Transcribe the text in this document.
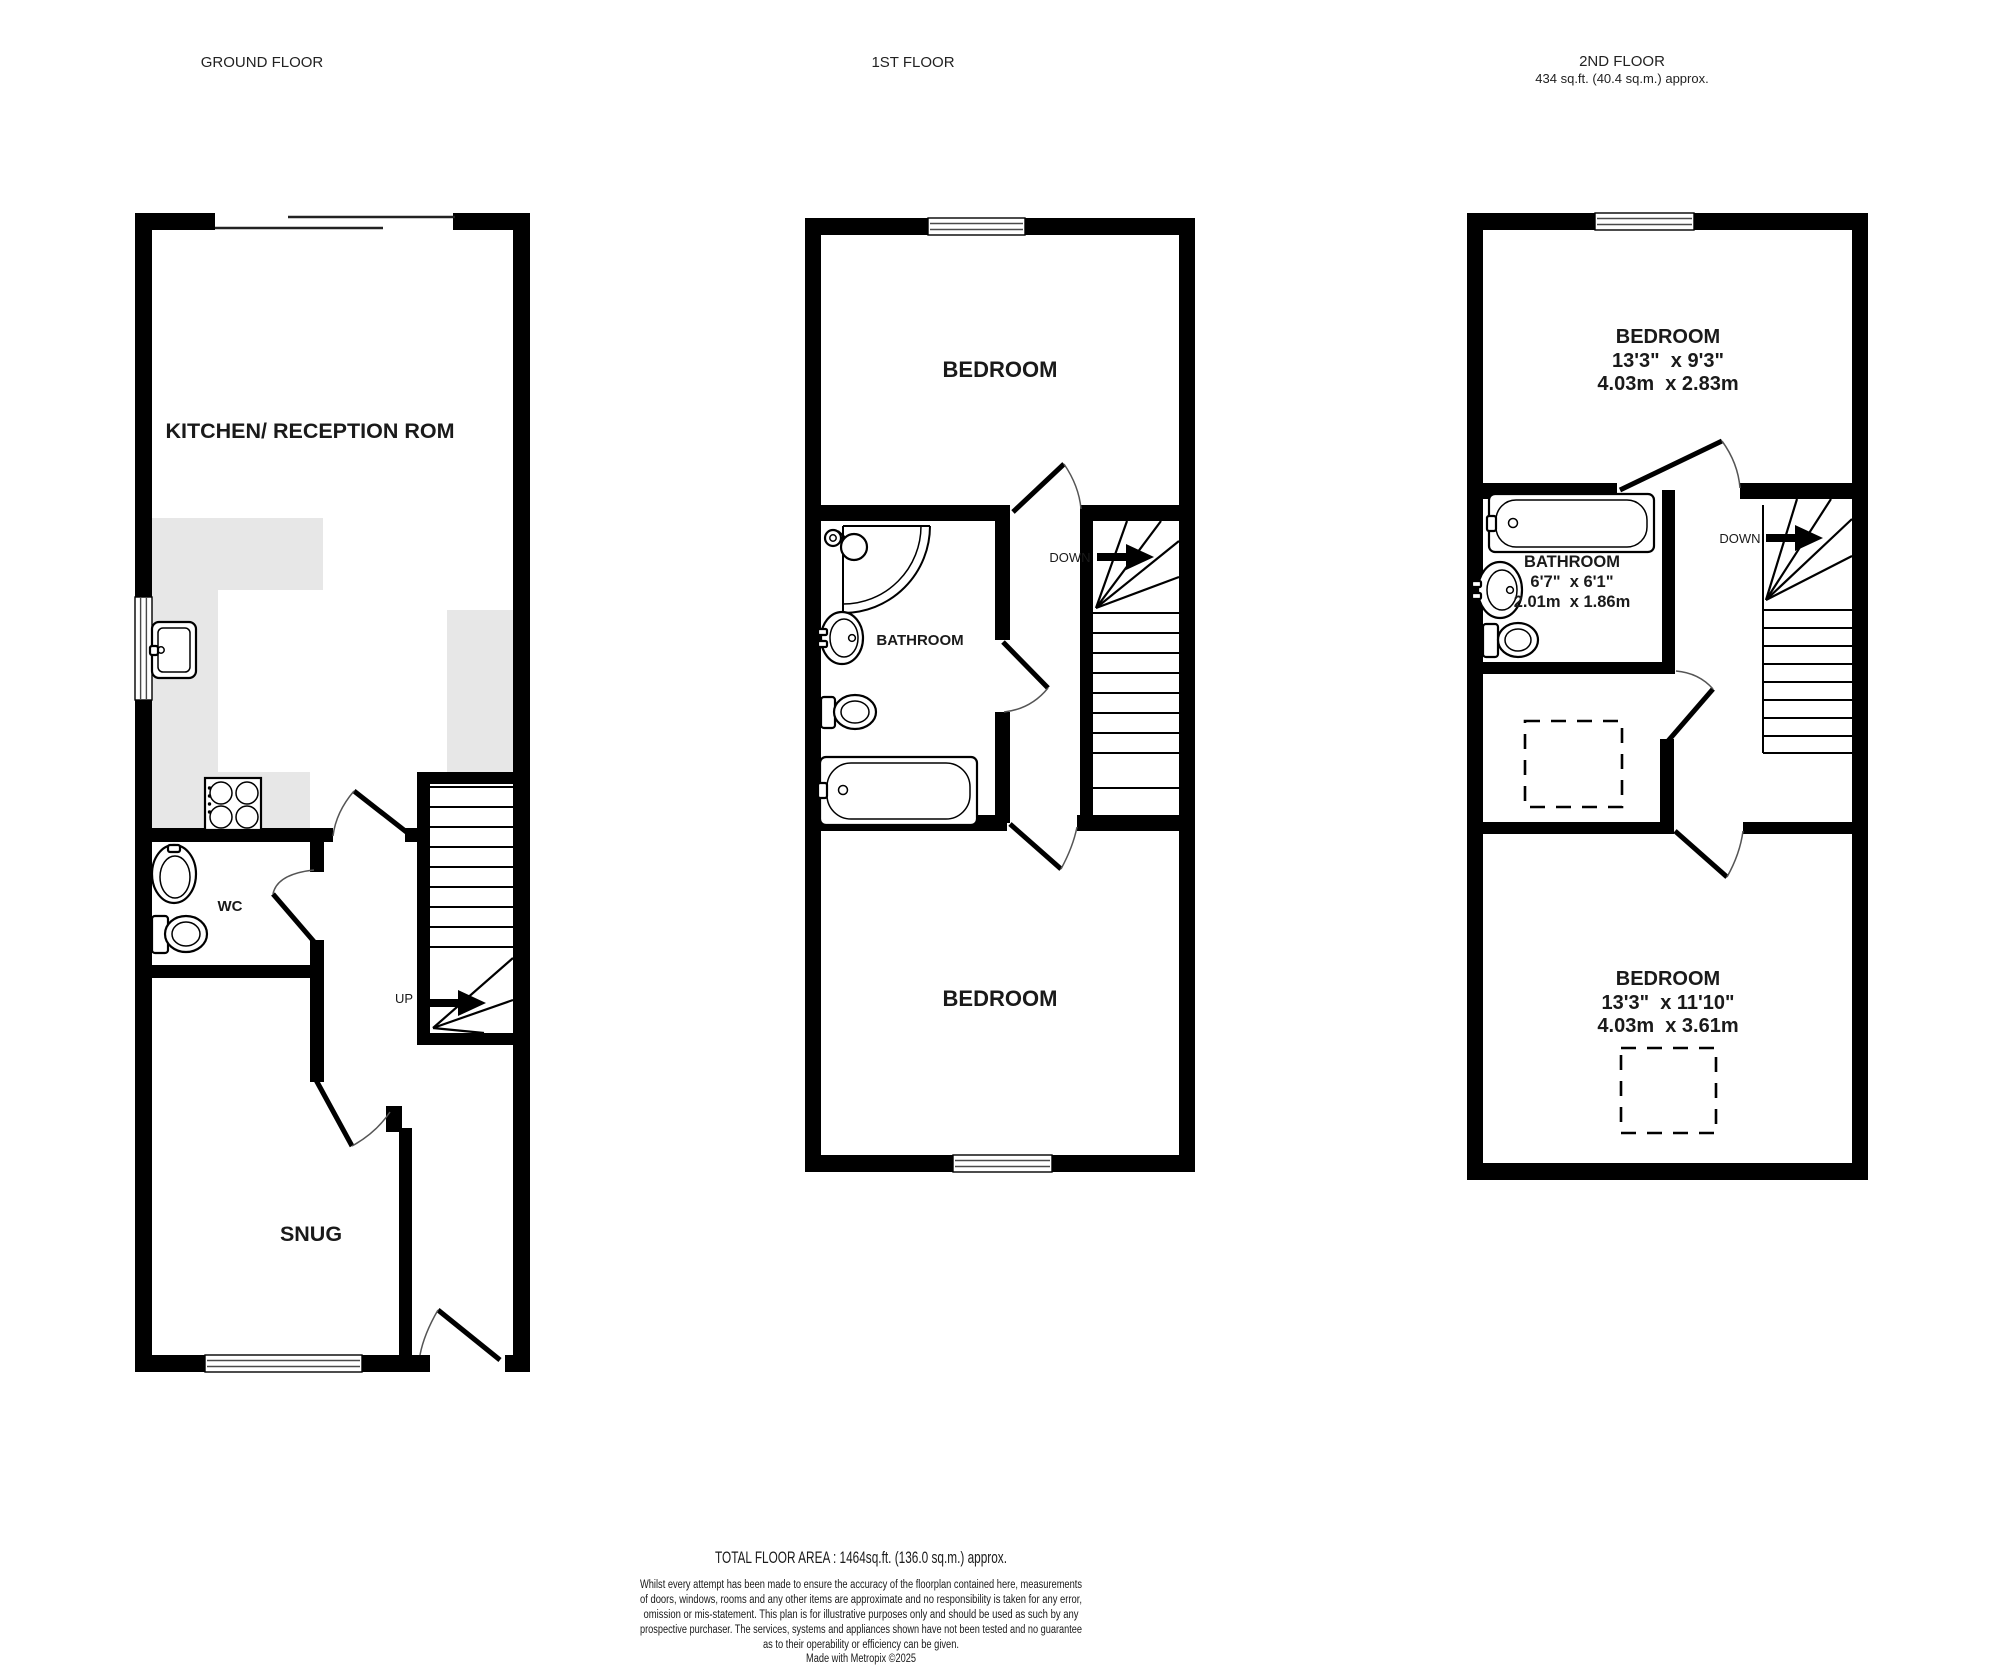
GROUND FLOOR	1ST FLOOR	2ND FLOOR
434 sq.ft. (40.4 sq.m.) approx.
KITCHEN/ RECEPTION ROM
WC
UP
SNUG
BEDROOM
BATHROOM
DOWN
BEDROOM
BEDROOM
13'3"  x 9'3"
4.03m  x 2.83m
BATHROOM
6'7"  x 6'1"
2.01m  x 1.86m
DOWN
BEDROOM
13'3"  x 11'10"
4.03m  x 3.61m
TOTAL FLOOR AREA : 1464sq.ft. (136.0 sq.m.) approx.
Whilst every attempt has been made to ensure the accuracy of the floorplan contained here, measurements
of doors, windows, rooms and any other items are approximate and no responsibility is taken for any error,
omission or mis-statement. This plan is for illustrative purposes only and should be used as such by any
prospective purchaser. The services, systems and appliances shown have not been tested and no guarantee
as to their operability or efficiency can be given.
Made with Metropix ©2025
